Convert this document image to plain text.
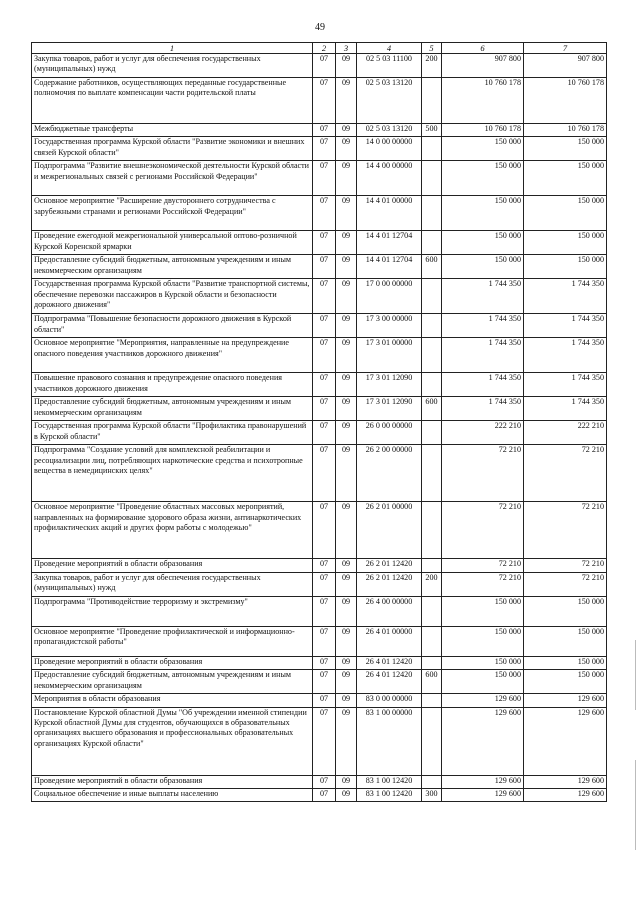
49
1	2	3	4	5	6	7
Закупка товаров, работ и услуг для обеспечения государственных (муниципальных) нужд	07	09	02 5 03 11100	200	907 800	907 800
Содержание работников, осуществляющих переданные государственные полномочия по выплате компенсации части родительской платы	07	09	02 5 03 13120		10 760 178	10 760 178
Межбюджетные трансферты	07	09	02 5 03 13120	500	10 760 178	10 760 178
Государственная программа Курской области "Развитие экономики и внешних связей Курской области"	07	09	14 0 00 00000		150 000	150 000
Подпрограмма "Развитие внешнеэкономической деятельности Курской области и межрегиональных связей с регионами Российской Федерации"	07	09	14 4 00 00000		150 000	150 000
Основное мероприятие "Расширение двустороннего сотрудничества с зарубежными странами и регионами Российской Федерации"	07	09	14 4 01 00000		150 000	150 000
Проведение ежегодной межрегиональной универсальной оптово-розничной Курской Коренской ярмарки	07	09	14 4 01 12704		150 000	150 000
Предоставление субсидий бюджетным, автономным учреждениям и иным некоммерческим организациям	07	09	14 4 01 12704	600	150 000	150 000
Государственная программа Курской области "Развитие транспортной системы, обеспечение перевозки пассажиров в Курской области и безопасности дорожного движения"	07	09	17 0 00 00000		1 744 350	1 744 350
Подпрограмма "Повышение безопасности дорожного движения в Курской области"	07	09	17 3 00 00000		1 744 350	1 744 350
Основное мероприятие "Мероприятия, направленные на предупреждение опасного поведения участников дорожного движения"	07	09	17 3 01 00000		1 744 350	1 744 350
Повышение правового сознания и предупреждение опасного поведения участников дорожного движения	07	09	17 3 01 12090		1 744 350	1 744 350
Предоставление субсидий бюджетным, автономным учреждениям и иным некоммерческим организациям	07	09	17 3 01 12090	600	1 744 350	1 744 350
Государственная программа Курской области "Профилактика правонарушений в Курской области"	07	09	26 0 00 00000		222 210	222 210
Подпрограмма "Создание условий для комплексной реабилитации и ресоциализации лиц, потребляющих наркотические средства и психотропные вещества в немедицинских целях"	07	09	26 2 00 00000		72 210	72 210
Основное мероприятие "Проведение областных массовых мероприятий, направленных на формирование здорового образа жизни, антинаркотических профилактических акций и других форм работы с молодежью"	07	09	26 2 01 00000		72 210	72 210
Проведение мероприятий в области образования	07	09	26 2 01 12420		72 210	72 210
Закупка товаров, работ и услуг для обеспечения государственных (муниципальных) нужд	07	09	26 2 01 12420	200	72 210	72 210
Подпрограмма "Противодействие терроризму и экстремизму"	07	09	26 4 00 00000		150 000	150 000
Основное мероприятие "Проведение профилактической и информационно-пропагандистской работы"	07	09	26 4 01 00000		150 000	150 000
Проведение мероприятий в области образования	07	09	26 4 01 12420		150 000	150 000
Предоставление субсидий бюджетным, автономным учреждениям и иным некоммерческим организациям	07	09	26 4 01 12420	600	150 000	150 000
Мероприятия в области образования	07	09	83 0 00 00000		129 600	129 600
Постановление Курской областной Думы "Об учреждении именной стипендии Курской областной Думы для студентов, обучающихся в образовательных организациях высшего образования и профессиональных образовательных организациях Курской области"	07	09	83 1 00 00000		129 600	129 600
Проведение мероприятий в области образования	07	09	83 1 00 12420		129 600	129 600
Социальное обеспечение и иные выплаты населению	07	09	83 1 00 12420	300	129 600	129 600
